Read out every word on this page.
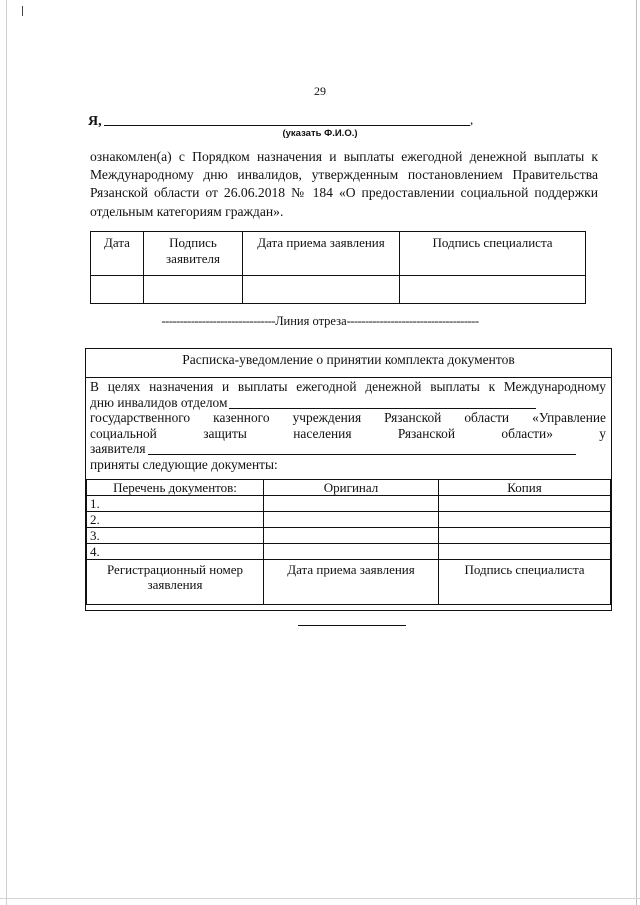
29
Я,	,
(указать Ф.И.О.)
ознакомлен(а) с Порядком назначения и выплаты ежегодной денежной выплаты к Международному дню инвалидов, утвержденным постановлением Правительства Рязанской области от 26.06.2018 № 184 «О предоставлении социальной поддержки отдельным категориям граждан».
Дата	Подпись заявителя	Дата приема заявления	Подпись специалиста

-------------------------------Линия отреза------------------------------------
Расписка-уведомление о принятии комплекта документов
В целях назначения и выплаты ежегодной денежной выплаты к Международному
дню инвалидов отделом
государственного казенного учреждения Рязанской области «Управление
социальной защиты населения Рязанской области» у
заявителя
приняты следующие документы:
Перечень документов:	Оригинал	Копия
1.		
2.		
3.		
4.		
Регистрационный номер заявления	Дата приема заявления	Подпись специалиста
